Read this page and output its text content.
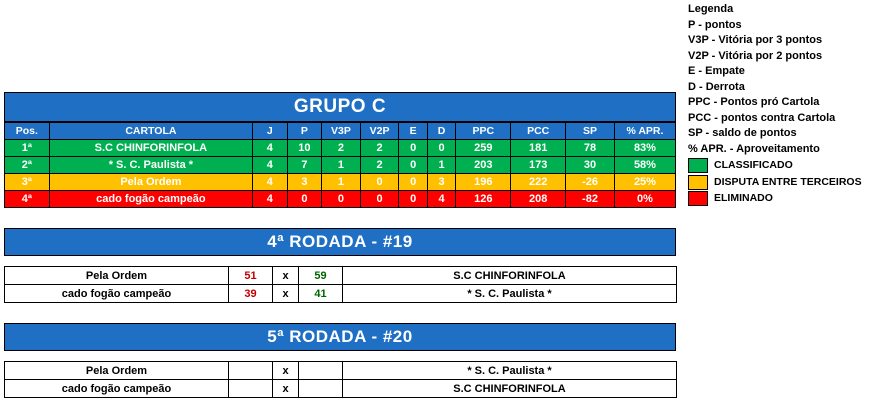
GRUPO C
Pos.	CARTOLA	J	P	V3P	V2P	E	D	PPC	PCC	SP	% APR.
1ª	S.C CHINFORINFOLA	4	10	2	2	0	0	259	181	78	83%
2ª	* S. C. Paulista *	4	7	1	2	0	1	203	173	30	58%
3ª	Pela Ordem	4	3	1	0	0	3	196	222	-26	25%
4ª	cado fogão campeão	4	0	0	0	0	4	126	208	-82	0%
4ª RODADA - #19
Pela Ordem	51	x	59	S.C CHINFORINFOLA
cado fogão campeão	39	x	41	* S. C. Paulista *
5ª RODADA - #20
Pela Ordem		x		* S. C. Paulista *
cado fogão campeão		x		S.C CHINFORINFOLA
Legenda
P - pontos
V3P - Vitória por 3 pontos
V2P - Vitória por 2 pontos
E - Empate
D - Derrota
PPC - Pontos pró Cartola
PCC - pontos contra Cartola
SP - saldo de pontos
% APR. - Aproveitamento
CLASSIFICADO
DISPUTA ENTRE TERCEIROS
ELIMINADO
